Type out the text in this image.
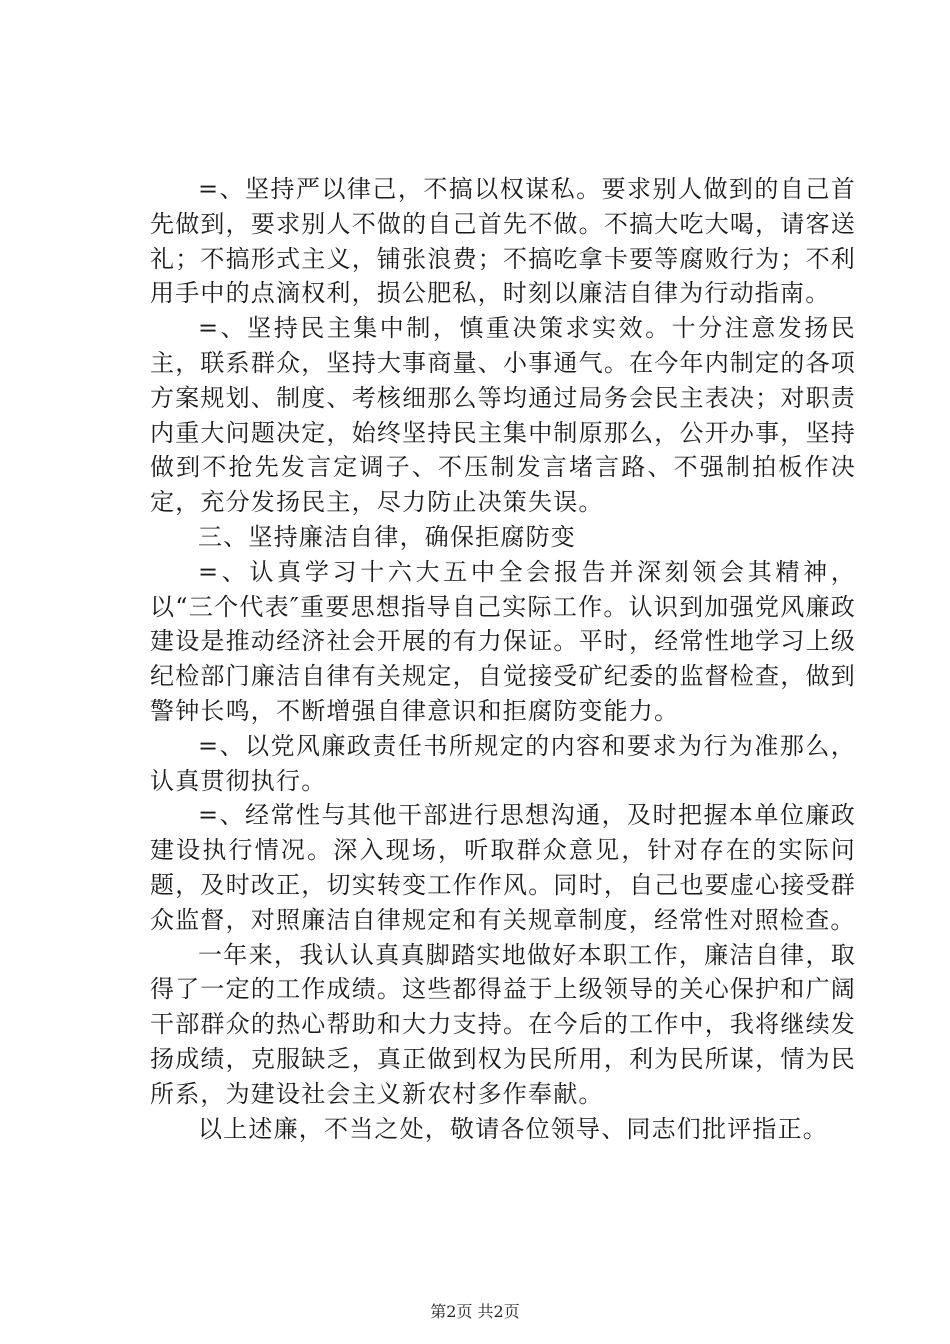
=、坚持严以律己，不搞以权谋私。要求别人做到的自己首先做到，要求别人不做的自己首先不做。不搞大吃大喝，请客送礼；不搞形式主义，铺张浪费；不搞吃拿卡要等腐败行为；不利用手中的点滴权利，损公肥私，时刻以廉洁自律为行动指南。

=、坚持民主集中制，慎重决策求实效。十分注意发扬民主，联系群众，坚持大事商量、小事通气。在今年内制定的各项方案规划、制度、考核细那么等均通过局务会民主表决；对职责内重大问题决定，始终坚持民主集中制原那么，公开办事，坚持做到不抢先发言定调子、不压制发言堵言路、不强制拍板作决定，充分发扬民主，尽力防止决策失误。

三、坚持廉洁自律，确保拒腐防变

=、认真学习十六大五中全会报告并深刻领会其精神，以“三个代表″重要思想指导自己实际工作。认识到加强党风廉政建设是推动经济社会开展的有力保证。平时，经常性地学习上级纪检部门廉洁自律有关规定，自觉接受矿纪委的监督检查，做到警钟长鸣，不断增强自律意识和拒腐防变能力。

=、以党风廉政责任书所规定的内容和要求为行为准那么，认真贯彻执行。

=、经常性与其他干部进行思想沟通，及时把握本单位廉政建设执行情况。深入现场，听取群众意见，针对存在的实际问题，及时改正，切实转变工作作风。同时，自己也要虚心接受群众监督，对照廉洁自律规定和有关规章制度，经常性对照检查。

一年来，我认认真真脚踏实地做好本职工作，廉洁自律，取得了一定的工作成绩。这些都得益于上级领导的关心保护和广阔干部群众的热心帮助和大力支持。在今后的工作中，我将继续发扬成绩，克服缺乏，真正做到权为民所用，利为民所谋，情为民所系，为建设社会主义新农村多作奉献。

以上述廉，不当之处，敬请各位领导、同志们批评指正。

第2页 共2页
